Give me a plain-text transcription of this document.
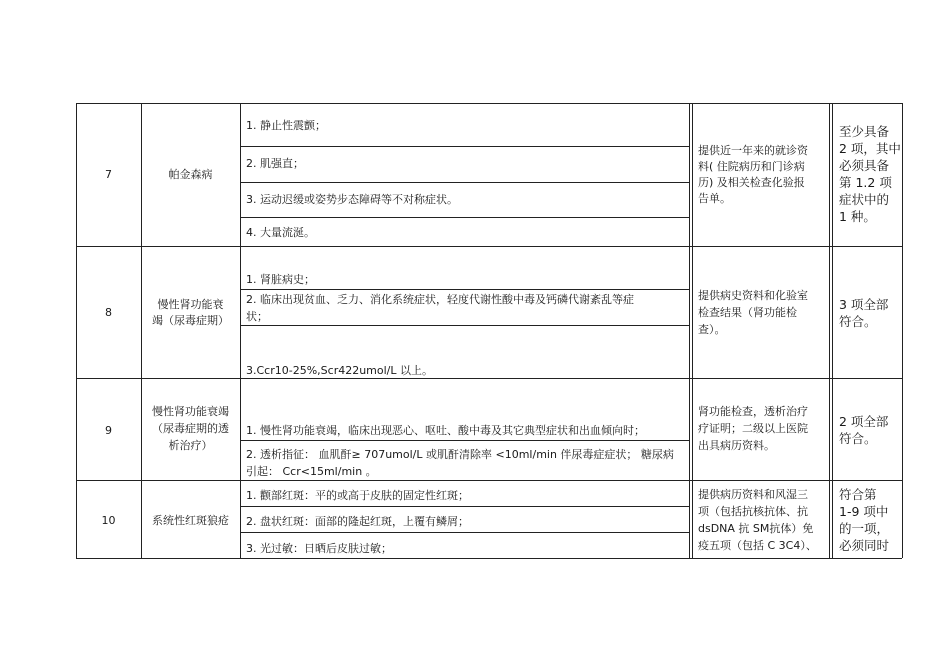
7	帕金森病
1. 静止性震颤；
2. 肌强直；
3. 运动迟缓或姿势步态障碍等不对称症状。
4. 大量流涎。
提供近一年来的就诊资
料( 住院病历和门诊病
历) 及相关检查化验报
告单。
至少具备
2 项，其中
必须具备
第 1.2 项
症状中的
1 种。
8
慢性肾功能衰
竭（尿毒症期）
1. 肾脏病史；
2. 临床出现贫血、乏力、消化系统症状，轻度代谢性酸中毒及钙磷代谢紊乱等症
状；
3.Ccr10-25%,Scr422umol/L 以上。
提供病史资料和化验室
检查结果（肾功能检
查）。
3 项全部
符合。
9
慢性肾功能衰竭
（尿毒症期的透
析治疗）
1. 慢性肾功能衰竭，临床出现恶心、呕吐、酸中毒及其它典型症状和出血倾向时；
2. 透析指征： 血肌酐≥ 707umol/L 或肌酐清除率 <10ml/min 伴尿毒症症状； 糖尿病
引起： Ccr<15ml/min 。
肾功能检查，透析治疗
疗证明；二级以上医院
出具病历资料。
2 项全部
符合。
10	系统性红斑狼疮
1. 颧部红斑：平的或高于皮肤的固定性红斑；
2. 盘状红斑：面部的隆起红斑，上覆有鳞屑；
3. 光过敏：日晒后皮肤过敏；
提供病历资料和风湿三
项（包括抗核抗体、抗
dsDNA 抗 SM抗体）免
疫五项（包括 C 3C4）、
符合第
1-9 项中
的一项，
必须同时
